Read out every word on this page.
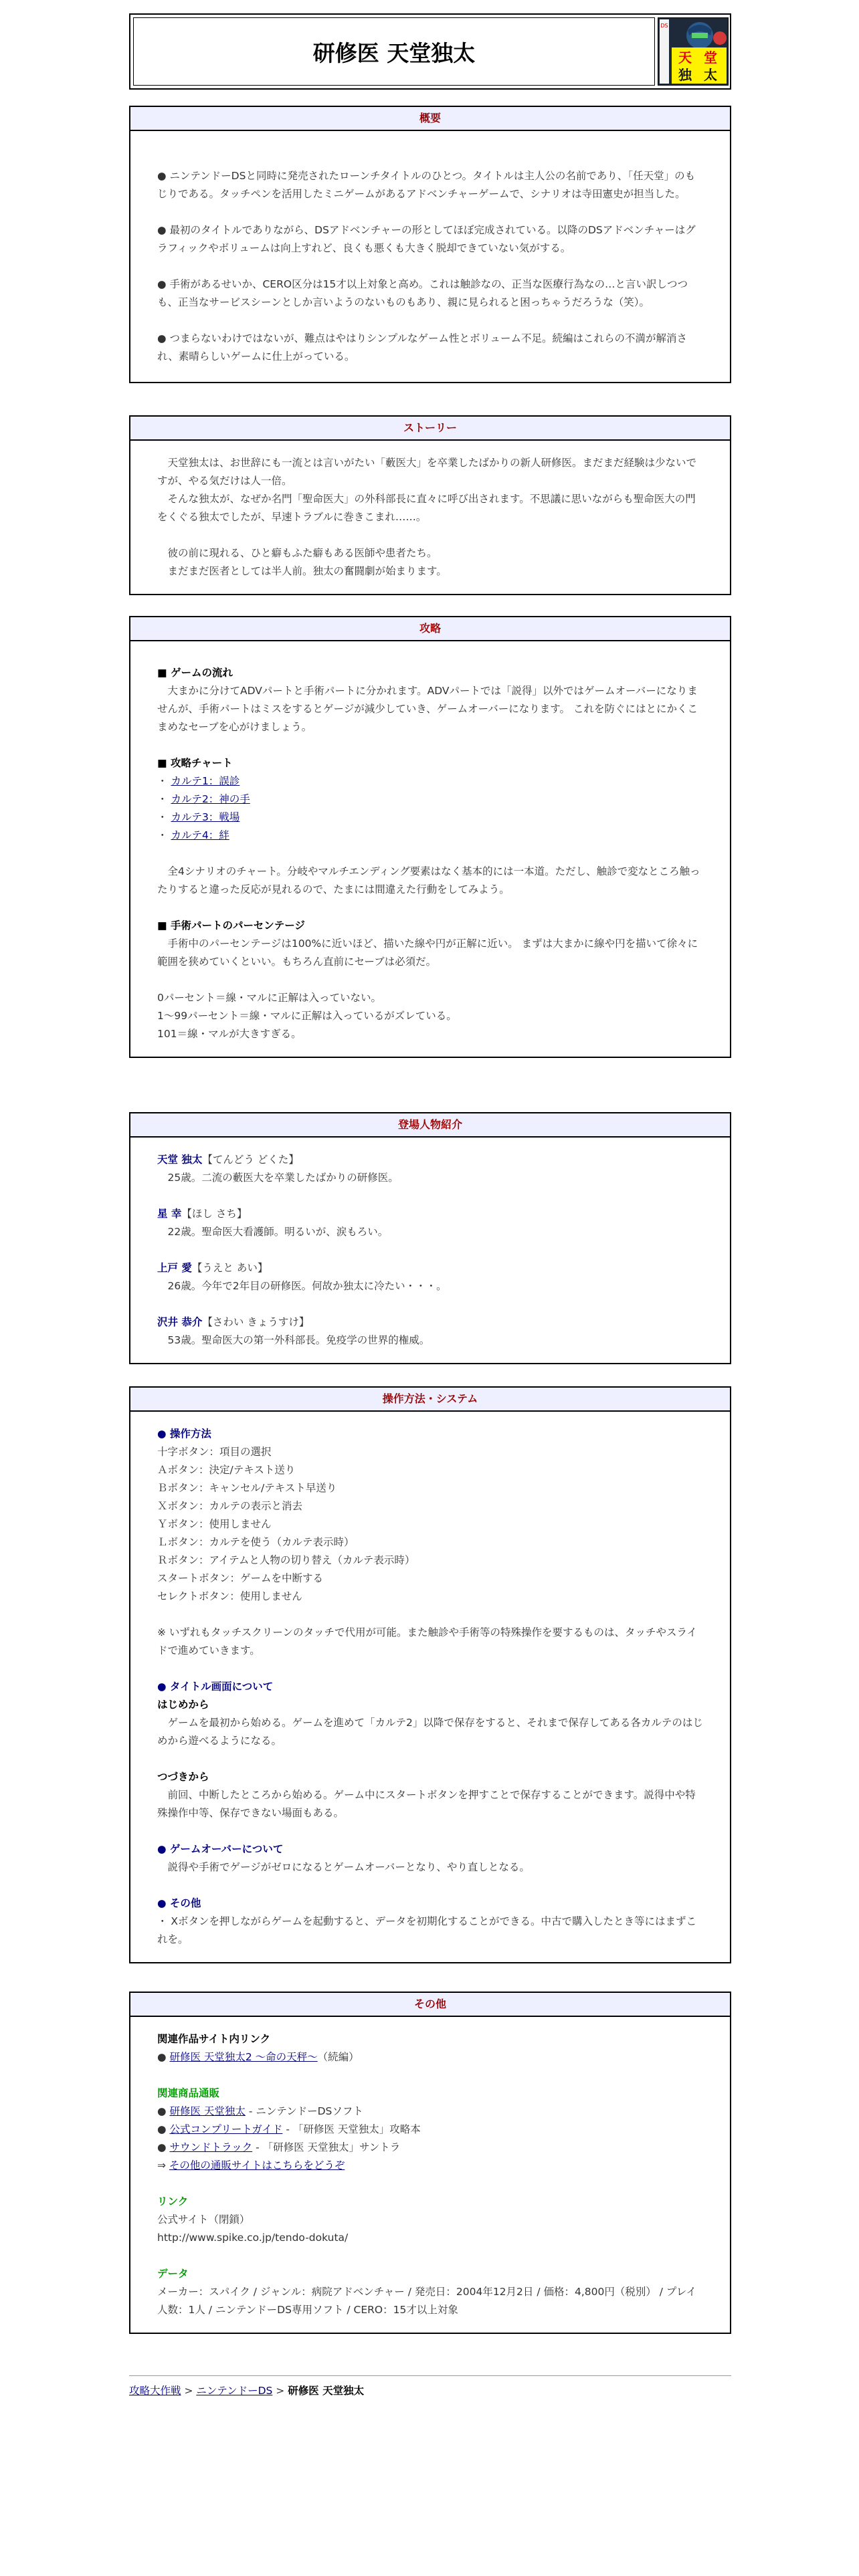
研修医 天堂独太
DS
天 堂
独 太
概要

● ニンテンドーDSと同時に発売されたローンチタイトルのひとつ。タイトルは主人公の名前であり、「任天堂」のもじりである。タッチペンを活用したミニゲームがあるアドベンチャーゲームで、シナリオは寺田憲史が担当した。

● 最初のタイトルでありながら、DSアドベンチャーの形としてほぼ完成されている。以降のDSアドベンチャーはグラフィックやボリュームは向上すれど、良くも悪くも大きく脱却できていない気がする。

● 手術があるせいか、CERO区分は15才以上対象と高め。これは触診なの、正当な医療行為なの…と言い訳しつつも、正当なサービスシーンとしか言いようのないものもあり、親に見られると困っちゃうだろうな（笑）。

● つまらないわけではないが、難点はやはりシンプルなゲーム性とボリューム不足。続編はこれらの不満が解消され、素晴らしいゲームに仕上がっている。

ストーリー

　天堂独太は、お世辞にも一流とは言いがたい「藪医大」を卒業したばかりの新人研修医。まだまだ経験は少ないですが、やる気だけは人一倍。
　そんな独太が、なぜか名門「聖命医大」の外科部長に直々に呼び出されます。不思議に思いながらも聖命医大の門をくぐる独太でしたが、早速トラブルに巻きこまれ……。

　彼の前に現れる、ひと癖もふた癖もある医師や患者たち。
　まだまだ医者としては半人前。独太の奮闘劇が始まります。

攻略

■ ゲームの流れ

　大まかに分けてADVパートと手術パートに分かれます。ADVパートでは「説得」以外ではゲームオーバーになりませんが、手術パートはミスをするとゲージが減少していき、ゲームオーバーになります。 これを防ぐにはとにかくこまめなセーブを心がけましょう。

■ 攻略チャート

・ カルテ1：誤診

・ カルテ2：神の手

・ カルテ3：戦場

・ カルテ4：絆

　全4シナリオのチャート。分岐やマルチエンディング要素はなく基本的には一本道。ただし、触診で変なところ触ったりすると違った反応が見れるので、たまには間違えた行動をしてみよう。

■ 手術パートのパーセンテージ

　手術中のパーセンテージは100%に近いほど、描いた線や円が正解に近い。 まずは大まかに線や円を描いて徐々に範囲を狭めていくといい。もちろん直前にセーブは必須だ。

0パーセント＝線・マルに正解は入っていない。

1～99パーセント＝線・マルに正解は入っているがズレている。

101＝線・マルが大きすぎる。

登場人物紹介

天堂 独太【てんどう どくた】

　25歳。二流の藪医大を卒業したばかりの研修医。

星 幸【ほし さち】

　22歳。聖命医大看護師。明るいが、涙もろい。

上戸 愛【うえと あい】

　26歳。今年で2年目の研修医。何故か独太に冷たい・・・。

沢井 恭介【さわい きょうすけ】

　53歳。聖命医大の第一外科部長。免疫学の世界的権威。

操作方法・システム

● 操作方法

十字ボタン：項目の選択

Ａボタン：決定/テキスト送り

Ｂボタン：キャンセル/テキスト早送り

Ｘボタン：カルテの表示と消去

Ｙボタン：使用しません

Ｌボタン：カルテを使う（カルテ表示時）

Ｒボタン：アイテムと人物の切り替え（カルテ表示時）

スタートボタン：ゲームを中断する

セレクトボタン：使用しません

※ いずれもタッチスクリーンのタッチで代用が可能。また触診や手術等の特殊操作を要するものは、タッチやスライドで進めていきます。

● タイトル画面について

はじめから

　ゲームを最初から始める。ゲームを進めて「カルテ2」以降で保存をすると、それまで保存してある各カルテのはじめから遊べるようになる。

つづきから

　前回、中断したところから始める。ゲーム中にスタートボタンを押すことで保存することができます。説得中や特殊操作中等、保存できない場面もある。

● ゲームオーバーについて

　説得や手術でゲージがゼロになるとゲームオーバーとなり、やり直しとなる。

● その他

・ Xボタンを押しながらゲームを起動すると、データを初期化することができる。中古で購入したとき等にはまずこれを。

その他

関連作品サイト内リンク

● 研修医 天堂独太2 ～命の天秤～（続編）

関連商品通販

● 研修医 天堂独太 - ニンテンドーDSソフト

● 公式コンプリートガイド - 「研修医 天堂独太」攻略本

● サウンドトラック - 「研修医 天堂独太」サントラ

⇒ その他の通販サイトはこちらをどうぞ

リンク

公式サイト（閉鎖）

http://www.spike.co.jp/tendo-dokuta/

データ

メーカー：スパイク / ジャンル：病院アドベンチャー / 発売日：2004年12月2日 / 価格：4,800円（税別） / プレイ人数：1人 / ニンテンドーDS専用ソフト / CERO：15才以上対象

攻略大作戦 > ニンテンドーDS > 研修医 天堂独太
